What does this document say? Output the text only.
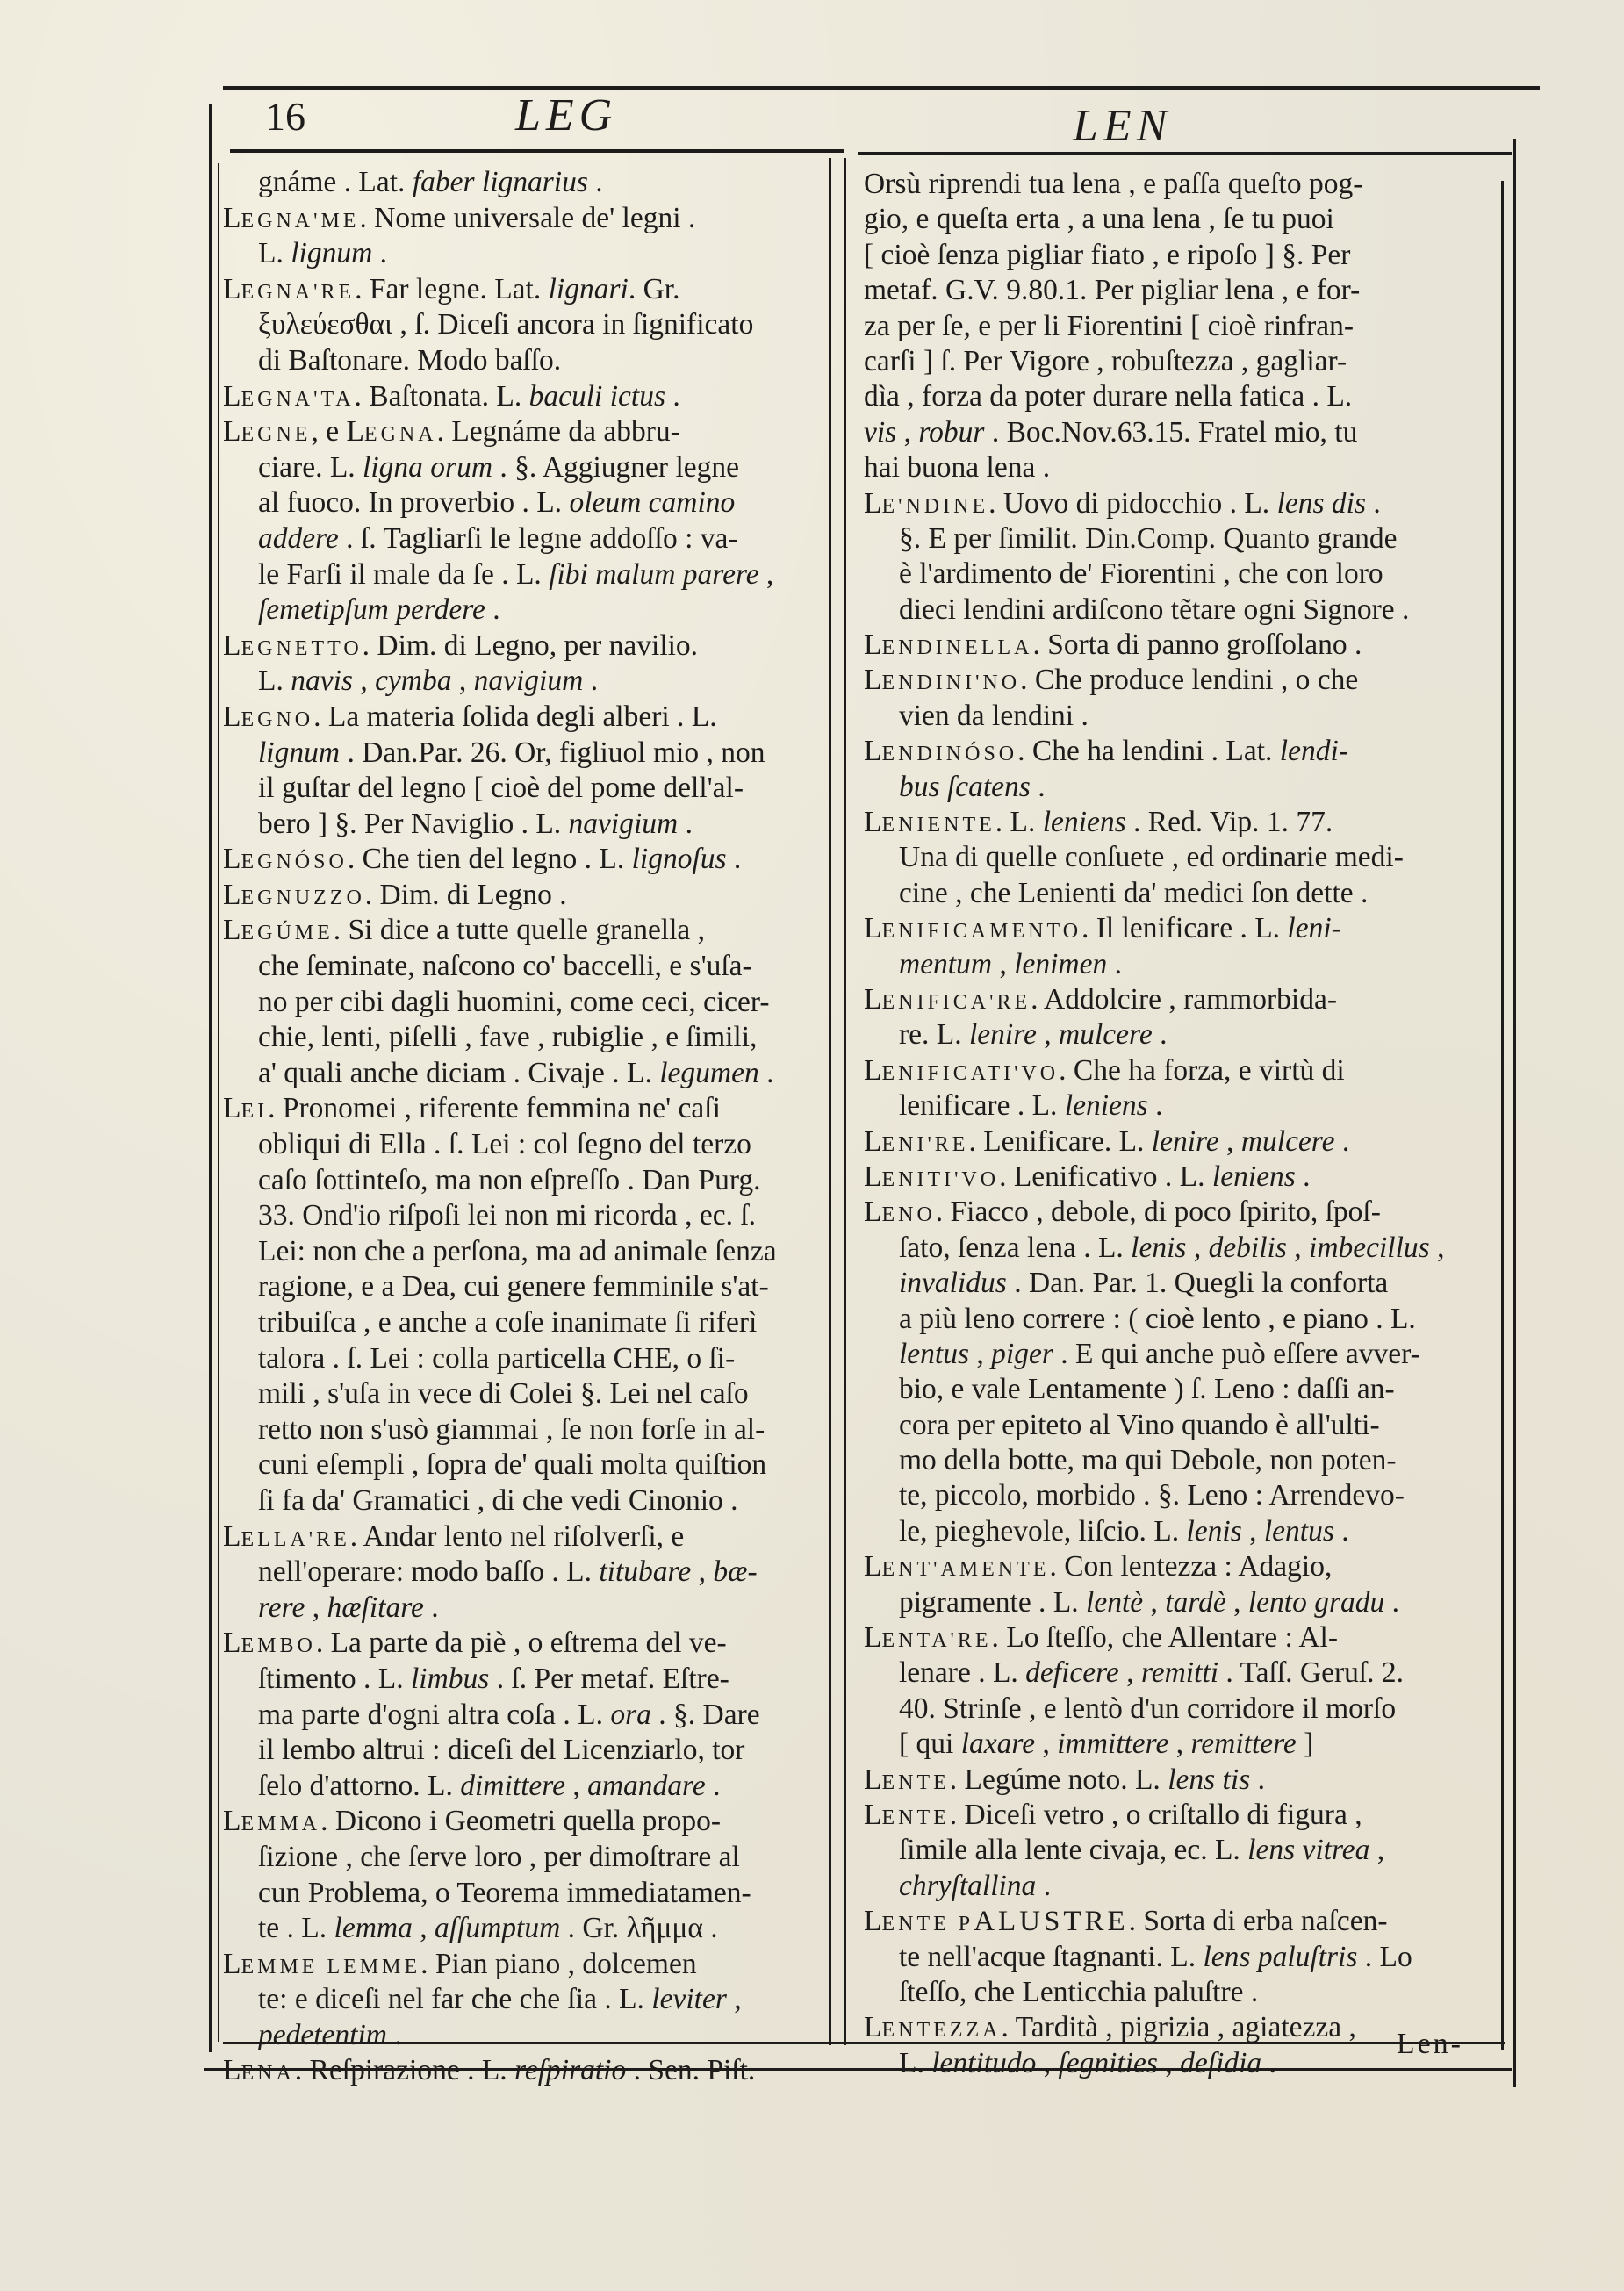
16	LEG	LEN
gnáme . Lat. faber lignarius .
LEGNA'ME. Nome universale de' legni .
L. lignum .
LEGNA'RE. Far legne. Lat. lignari. Gr.
ξυλεύεσθαι , ſ. Diceſi ancora in ſignificato
di Baſtonare. Modo baſſo.
LEGNA'TA. Baſtonata. L. baculi ictus .
LEGNE, e LEGNA. Legnáme da abbru-
ciare. L. ligna orum . §. Aggiugner legne
al fuoco. In proverbio . L. oleum camino
addere . ſ. Tagliarſi le legne addoſſo : va-
le Farſi il male da ſe . L. ſibi malum parere ,
ſemetipſum perdere .
LEGNETTO. Dim. di Legno, per navilio.
L. navis , cymba , navigium .
LEGNO. La materia ſolida degli alberi . L.
lignum . Dan.Par. 26. Or, figliuol mio , non
il guſtar del legno [ cioè del pome dell'al-
bero ] §. Per Naviglio . L. navigium .
LEGNÓSO. Che tien del legno . L. lignoſus .
LEGNUZZO. Dim. di Legno .
LEGÚME. Si dice a tutte quelle granella ,
che ſeminate, naſcono co' baccelli, e s'uſa-
no per cibi dagli huomini, come ceci, cicer-
chie, lenti, piſelli , fave , rubiglie , e ſimili,
a' quali anche diciam . Civaje . L. legumen .
LEI. Pronomei , riferente femmina ne' caſi
obliqui di Ella . ſ. Lei : col ſegno del terzo
caſo ſottinteſo, ma non eſpreſſo . Dan Purg.
33. Ond'io riſpoſi lei non mi ricorda , ec. ſ.
Lei: non che a perſona, ma ad animale ſenza
ragione, e a Dea, cui genere femminile s'at-
tribuiſca , e anche a coſe inanimate ſi riferì
talora . ſ. Lei : colla particella CHE, o ſi-
mili , s'uſa in vece di Colei §. Lei nel caſo
retto non s'usò giammai , ſe non forſe in al-
cuni eſempli , ſopra de' quali molta quiſtion
ſi fa da' Gramatici , di che vedi Cinonio .
LELLA'RE. Andar lento nel riſolverſi, e
nell'operare: modo baſſo . L. titubare , bæ-
rere , hæſitare .
LEMBO. La parte da piè , o eſtrema del ve-
ſtimento . L. limbus . ſ. Per metaf. Eſtre-
ma parte d'ogni altra coſa . L. ora . §. Dare
il lembo altrui : diceſi del Licenziarlo, tor
ſelo d'attorno. L. dimittere , amandare .
LEMMA. Dicono i Geometri quella propo-
ſizione , che ſerve loro , per dimoſtrare al
cun Problema, o Teorema immediatamen-
te . L. lemma , aſſumptum . Gr. λῆμμα .
LEMME LEMME. Pian piano , dolcemen
te: e diceſi nel far che che ſia . L. leviter ,
pedetentim .
LENA. Reſpirazione . L. reſpiratio . Sen. Piſt.
Orsù riprendi tua lena , e paſſa queſto pog-
gio, e queſta erta , a una lena , ſe tu puoi
[ cioè ſenza pigliar fiato , e ripoſo ] §. Per
metaf. G.V. 9.80.1. Per pigliar lena , e for-
za per ſe, e per li Fiorentini [ cioè rinfran-
carſi ] ſ. Per Vigore , robuſtezza , gagliar-
dìa , forza da poter durare nella fatica . L.
vis , robur . Boc.Nov.63.15. Fratel mio, tu
hai buona lena .
LE'NDINE. Uovo di pidocchio . L. lens dis .
§. E per ſimilit. Din.Comp. Quanto grande
è l'ardimento de' Fiorentini , che con loro
dieci lendini ardiſcono tẽtare ogni Signore .
LENDINELLA. Sorta di panno groſſolano .
LENDINI'NO. Che produce lendini , o che
vien da lendini .
LENDINÓSO. Che ha lendini . Lat. lendi-
bus ſcatens .
LENIENTE. L. leniens . Red. Vip. 1. 77.
Una di quelle conſuete , ed ordinarie medi-
cine , che Lenienti da' medici ſon dette .
LENIFICAMENTO. Il lenificare . L. leni-
mentum , lenimen .
LENIFICA'RE. Addolcire , rammorbida-
re. L. lenire , mulcere .
LENIFICATI'VO. Che ha forza, e virtù di
lenificare . L. leniens .
LENI'RE. Lenificare. L. lenire , mulcere .
LENITI'VO. Lenificativo . L. leniens .
LENO. Fiacco , debole, di poco ſpirito, ſpoſ-
ſato, ſenza lena . L. lenis , debilis , imbecillus ,
invalidus . Dan. Par. 1. Quegli la conforta
a più leno correre : ( cioè lento , e piano . L.
lentus , piger . E qui anche può eſſere avver-
bio, e vale Lentamente ) ſ. Leno : daſſi an-
cora per epiteto al Vino quando è all'ulti-
mo della botte, ma qui Debole, non poten-
te, piccolo, morbido . §. Leno : Arrendevo-
le, pieghevole, liſcio. L. lenis , lentus .
LENT'AMENTE. Con lentezza : Adagio,
pigramente . L. lentè , tardè , lento gradu .
LENTA'RE. Lo ſteſſo, che Allentare : Al-
lenare . L. deficere , remitti . Taſſ. Geruſ. 2.
40. Strinſe , e lentò d'un corridore il morſo
[ qui laxare , immittere , remittere ]
LENTE. Legúme noto. L. lens tis .
LENTE. Diceſi vetro , o criſtallo di figura ,
ſimile alla lente civaja, ec. L. lens vitrea ,
chryſtallina .
LENTE PALUSTRE. Sorta di erba naſcen-
te nell'acque ſtagnanti. L. lens paluſtris . Lo
ſteſſo, che Lenticchia paluſtre .
LENTEZZA. Tardità , pigrizia , agiatezza ,
L. lentitudo , ſegnities , deſidia .
Len-
